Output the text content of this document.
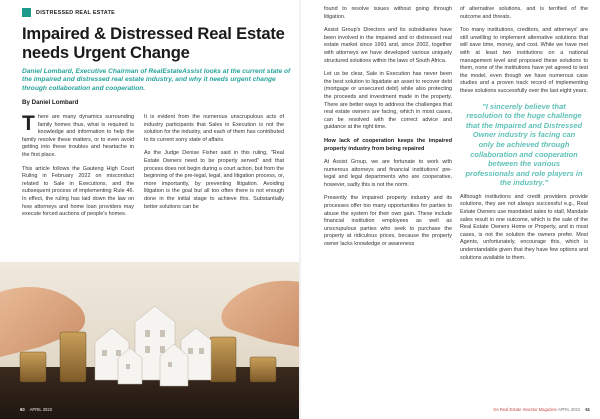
DISTRESSED REAL ESTATE
Impaired & Distressed Real Estate needs Urgent Change

Daniel Lombard, Executive Chairman of RealEstateAssist looks at the current state of the impaired and distressed real estate industry, and why it needs urgent change through collaboration and cooperation.

By Daniel Lombard

There are many dynamics surrounding family homes thus, what is required is knowledge and information to help the family resolve these matters, or to even avoid getting into these troubles and heartache in the first place.

This article follows the Gauteng High Court Ruling in February 2022 on misconduct related to Sale in Executions, and the subsequent process of implementing Rule 46. In effect, the ruling has laid down the law on how attorneys and home loan providers may execute forced auctions of people's homes.

It is evident from the numerous unscrupulous acts of industry participants that Sales in Execution is not the solution for the industry, and each of them has contributed to its current sorry state of affairs.

As the Judge Denise Fisher said in this ruling, "Real Estate Owners need to be properly served" and that process does not begin during a court action, but from the beginning of the pre-legal, legal, and litigation process, or, more importantly, by preventing litigation. Avoiding litigation is the goal but all too often there is not enough done in the initial stage to achieve this. Substantially better solutions can be

60 APRIL 2022

found to resolve issues without going through litigation.

Assist Group's Directors and its subsidiaries have been involved in the impaired and or distressed real estate market since 1991 and, since 2002, together with attorneys we have developed various uniquely structured solutions within the laws of South Africa.

Let us be clear, Sale in Execution has never been the best solution to liquidate an asset to recover debt (mortgage or unsecured debt) while also protecting the proceeds and investment made in the property. There are better ways to address the challenges that real estate owners are facing, which in most cases, can be resolved with the correct advice and guidance at the right time.

How lack of cooperation keeps the impaired property industry from being repaired

At Assist Group, we are fortunate to work with numerous attorneys and financial institutions' pre-legal and legal departments who are cooperative, however, sadly this is not the norm.

Presently the impaired property industry and its processes offer too many opportunities for parties to abuse the system for their own gain. These include financial institution employees as well as unscrupulous parties who seek to purchase the property at ridiculous prices, because the property owner lacks knowledge or awareness

of alternative solutions, and is terrified of the outcome and threats.

Too many institutions, creditors, and attorneys' are still unwilling to implement alternative solutions that will save time, money, and cost. While we have met with at least two institutions on a national management level and proposed these solutions to them, none of the institutions have yet agreed to test the model, even though we have numerous case studies and a proven track record of implementing these solutions successfully over the last eight years.

"I sincerely believe that resolution to the huge challenge that the Impaired and Distressed Owner industry is facing can only be achieved through collaboration and cooperation between the various professionals and role players in the industry."

Although institutions and credit providers provide solutions, they are not always successful e.g., Real Estate Owners use mandated sales to stall, Mandate sales result in one outcome, which is the sale of the Real Estate Owners Home or Property, and in most cases, is not the solution the owners prefer. Most Agents, unfortunately, encourage this, which is understandable given that they have few options and solutions available to them.

SA Real Estate Investor Magazine APRIL 2022 61
